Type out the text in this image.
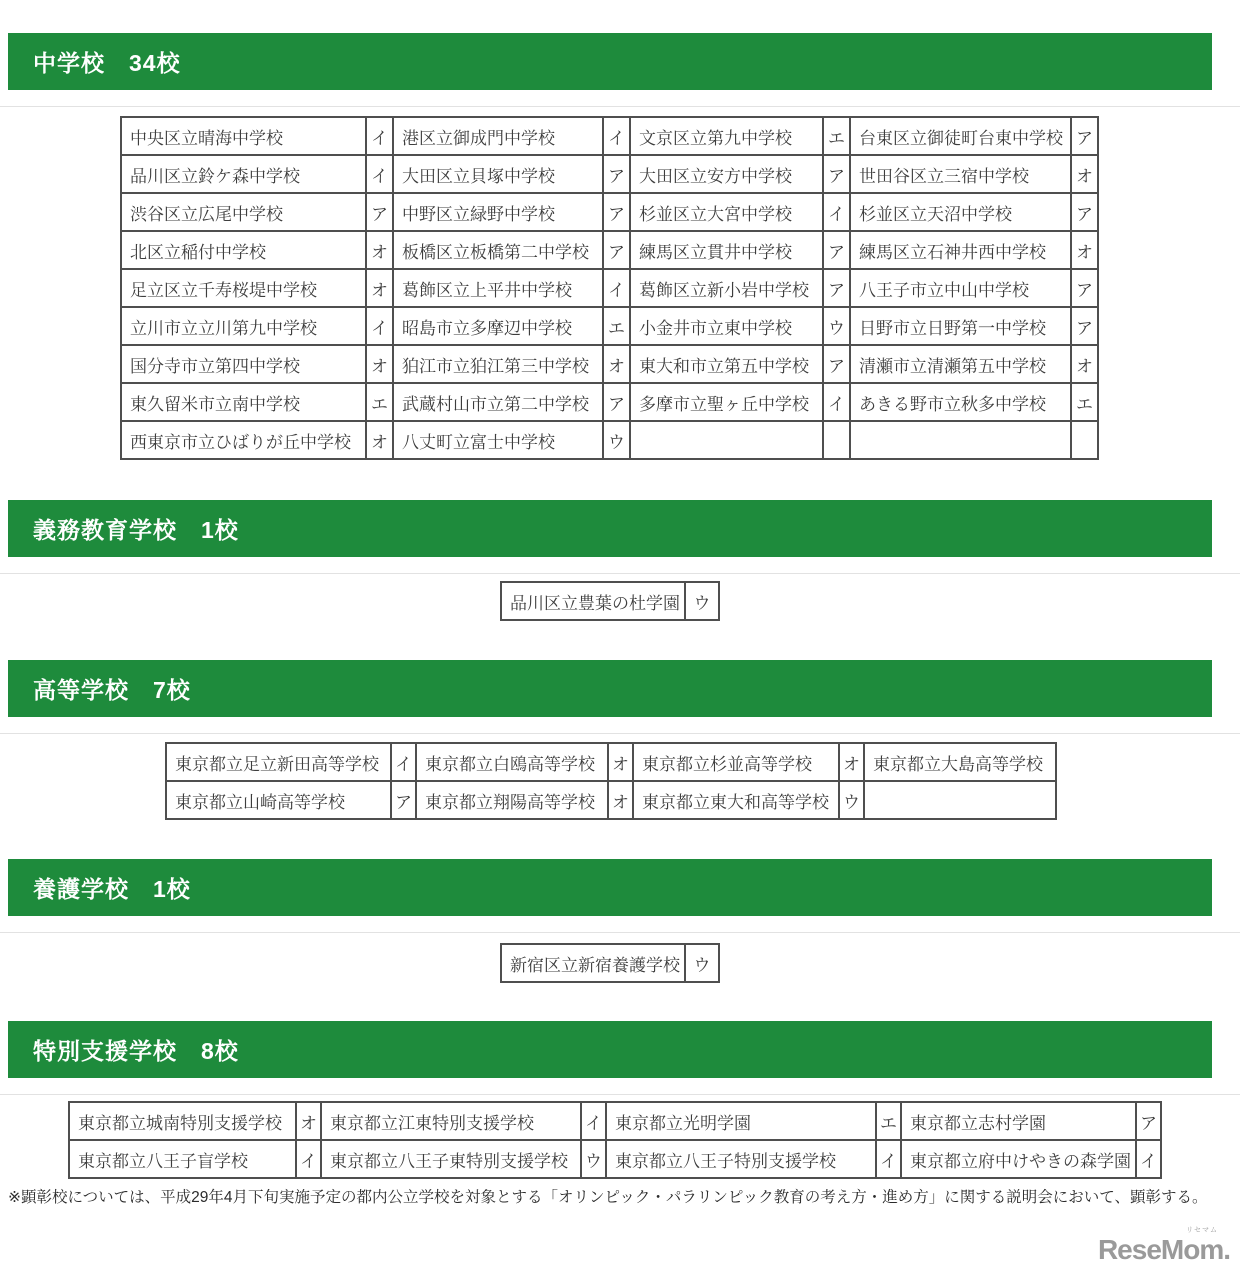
中学校　34校
中央区立晴海中学校	イ	港区立御成門中学校	イ	文京区立第九中学校	エ	台東区立御徒町台東中学校	ア
品川区立鈴ケ森中学校	イ	大田区立貝塚中学校	ア	大田区立安方中学校	ア	世田谷区立三宿中学校	オ
渋谷区立広尾中学校	ア	中野区立緑野中学校	ア	杉並区立大宮中学校	イ	杉並区立天沼中学校	ア
北区立稲付中学校	オ	板橋区立板橋第二中学校	ア	練馬区立貫井中学校	ア	練馬区立石神井西中学校	オ
足立区立千寿桜堤中学校	オ	葛飾区立上平井中学校	イ	葛飾区立新小岩中学校	ア	八王子市立中山中学校	ア
立川市立立川第九中学校	イ	昭島市立多摩辺中学校	エ	小金井市立東中学校	ウ	日野市立日野第一中学校	ア
国分寺市立第四中学校	オ	狛江市立狛江第三中学校	オ	東大和市立第五中学校	ア	清瀬市立清瀬第五中学校	オ
東久留米市立南中学校	エ	武蔵村山市立第二中学校	ア	多摩市立聖ヶ丘中学校	イ	あきる野市立秋多中学校	エ
西東京市立ひばりが丘中学校	オ	八丈町立富士中学校	ウ				
義務教育学校　1校
品川区立豊葉の杜学園	ウ
高等学校　7校
東京都立足立新田高等学校	イ	東京都立白鴎高等学校	オ	東京都立杉並高等学校	オ	東京都立大島高等学校
東京都立山崎高等学校	ア	東京都立翔陽高等学校	オ	東京都立東大和高等学校	ウ	
養護学校　1校
新宿区立新宿養護学校	ウ
特別支援学校　8校
東京都立城南特別支援学校	オ	東京都立江東特別支援学校	イ	東京都立光明学園	エ	東京都立志村学園	ア
東京都立八王子盲学校	イ	東京都立八王子東特別支援学校	ウ	東京都立八王子特別支援学校	イ	東京都立府中けやきの森学園	イ

※顕彰校については、平成29年4月下旬実施予定の都内公立学校を対象とする「オリンピック・パラリンピック教育の考え方・進め方」に関する説明会において、顕彰する。

リセマム
ReseMom.
